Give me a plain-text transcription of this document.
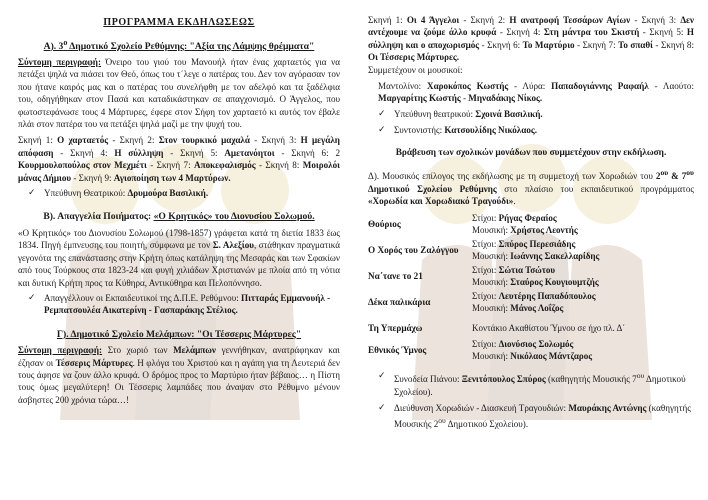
ΠΡΟΓΡΑΜΜΑ ΕΚΔΗΛΩΣΕΩΣ
Α). $3^o$ Δημοτικό Σχολείο Ρεθύμνης: "Αξία της Λάμψης θρέμματα"

Σύντομη περιγραφή: Όνειρο του γιού του Μανουήλ ήταν ένας χαρταετός για να πετάξει ψηλά να πιάσει τον Θεό, όπως του τ΄λεγε ο πατέρας του. Δεν τον αγόρασαν τον που ήτανε καιρός μας και ο πατέρας του συνελήφθη με τον αδελφό και τα ξαδέλφια του, οδηγήθηκαν στον Πασά και καταδικάστηκαν σε απαγχονισμό. Ο Άγγελος, που φωτοστεφάνωσε τους 4 Μάρτυρες, έφερε στον Σήφη τον χαρταετό κι αυτός τον έβαλε πλάι στον πατέρα του να πετάξει ψηλά μαζί με την ψυχή του.

Σκηνή 1: Ο χαρταετός - Σκηνή 2: Στον τουρκικό μαχαλά - Σκηνή 3: Η μεγάλη απόφαση - Σκηνή 4: Η σύλληψη - Σκηνή 5: Αμετανόητοι - Σκηνή 6: 2 Κουρμουλοπούλος στον Μεχμέτι - Σκηνή 7: Αποκεφαλισμός - Σκηνή 8: Μοιρολόι μάνας Δήμιου - Σκηνή 9: Αγιοποίηση των 4 Μαρτύρων.

✓ Υπεύθυνη Θεατρικού: Δρυμούρα Βασιλική.
Β). Απαγγελία Ποιήματος: «Ο Κρητικός» του Διονυσίου Σολωμού.

«Ο Κρητικός» του Διονυσίου Σολωμού (1798-1857) γράφεται κατά τη διετία 1833 έως 1834. Πηγή έμπνευσης του ποιητή, σύμφωνα με τον Σ. Αλεξίου, στάθηκαν πραγματικά γεγονότα της επανάστασης στην Κρήτη όπως κατάληψη της Μεσαράς και των Σφακίων από τους Τούρκους στα 1823-24 και φυγή χιλιάδων Χριστιανών με πλοία από τη νότια και δυτική Κρήτη προς τα Κύθηρα, Αντικύθηρα και Πελοπόννησο.

✓ Απαγγέλλουν οι Εκπαιδευτικοί της Δ.Π.Ε. Ρεθύμνου: Πιτταράς Εμμανουήλ - Ρεμπατσουλέα Αικατερίνη - Γασπαράκης Στέλιος.
Γ). Δημοτικό Σχολείο Μελάμπων: "Οι Τέσσερις Μάρτυρες"

Σύντομη περιγραφή: Στο χωριό των Μελάμπων γεννήθηκαν, ανατράφηκαν και έζησαν οι Τέσσερις Μάρτυρες. Η φλόγα του Χριστού και η αγάπη για τη Λευτεριά δεν τους άφησε να ζουν άλλο κρυφά. Ο δρόμος προς το Μαρτύριο ήταν βέβαιος… η Πίστη τους όμως μεγαλύτερη! Οι Τέσσερις λαμπάδες που άναψαν στο Ρέθυμνο μένουν άσβηστες 200 χρόνια τώρα…!

Σκηνή 1: Οι 4 Άγγελοι - Σκηνή 2: Η ανατροφή Τεσσάρων Αγίων - Σκηνή 3: Δεν αντέχουμε να ζούμε άλλο κρυφά - Σκηνή 4: Στη μάντρα του Σκιστή - Σκηνή 5: Η σύλληψη και ο αποχωρισμός - Σκηνή 6: Το Μαρτύριο - Σκηνή 7: Το σπαθί - Σκηνή 8: Οι Τέσσερις Μάρτυρες.

Συμμετέχουν οι μουσικοί:

Μαντολίνο: Χαροκόπος Κωστής - Λύρα: Παπαδογιάννης Ραφαήλ - Λαούτο: Μαργαρίτης Κωστής - Μηναδάκης Νίκος.

✓ Υπεύθυνη θεατρικού: Σχοινά Βασιλική.
✓ Συντονιστής: Κατσουλίδης Νικόλαος.
Βράβευση των σχολικών μονάδων που συμμετέχουν στην εκδήλωση.

Δ). Μουσικός επίλογος της εκδήλωσης με τη συμμετοχή των Χορωδιών του $2^{o\upsilon}$ & $7^{o\upsilon}$ Δημοτικού Σχολείου Ρεθύμνης στο πλαίσιο του εκπαιδευτικού προγράμματος «Χορωδία και Χορωδιακό Τραγούδι».

Θούριος
Στίχοι: Ρήγας Φεραίος
Μουσική: Χρήστος Λεοντής
Ο Χορός του Ζαλόγγου
Στίχοι: Σπύρος Περεσιάδης
Μουσική: Ιωάννης Σακελλαρίδης
Να΄τανε το 21
Στίχοι: Σώτια Τσώτου
Μουσική: Σταύρος Κουγιουμτζής
Δέκα παλικάρια
Στίχοι: Λευτέρης Παπαδόπουλος
Μουσική: Μάνος Λοΐζος
Τη Υπερμάχω	Κοντάκιο Ακαθίστου Ύμνου σε ήχο πλ. Δ΄
Εθνικός Ύμνος
Στίχοι: Διονύσιος Σολωμός
Μουσική: Νικόλαος Μάντζαρος
✓ Συνοδεία Πιάνου: Ξενιτόπουλος Σπύρος (καθηγητής Μουσικής $7^{o\upsilon}$ Δημοτικού Σχολείου).
✓ Διεύθυνση Χορωδιών - Διασκευή Τραγουδιών: Μαυράκης Αντώνης (καθηγητής Μουσικής $2^{o\upsilon}$ Δημοτικού Σχολείου).
